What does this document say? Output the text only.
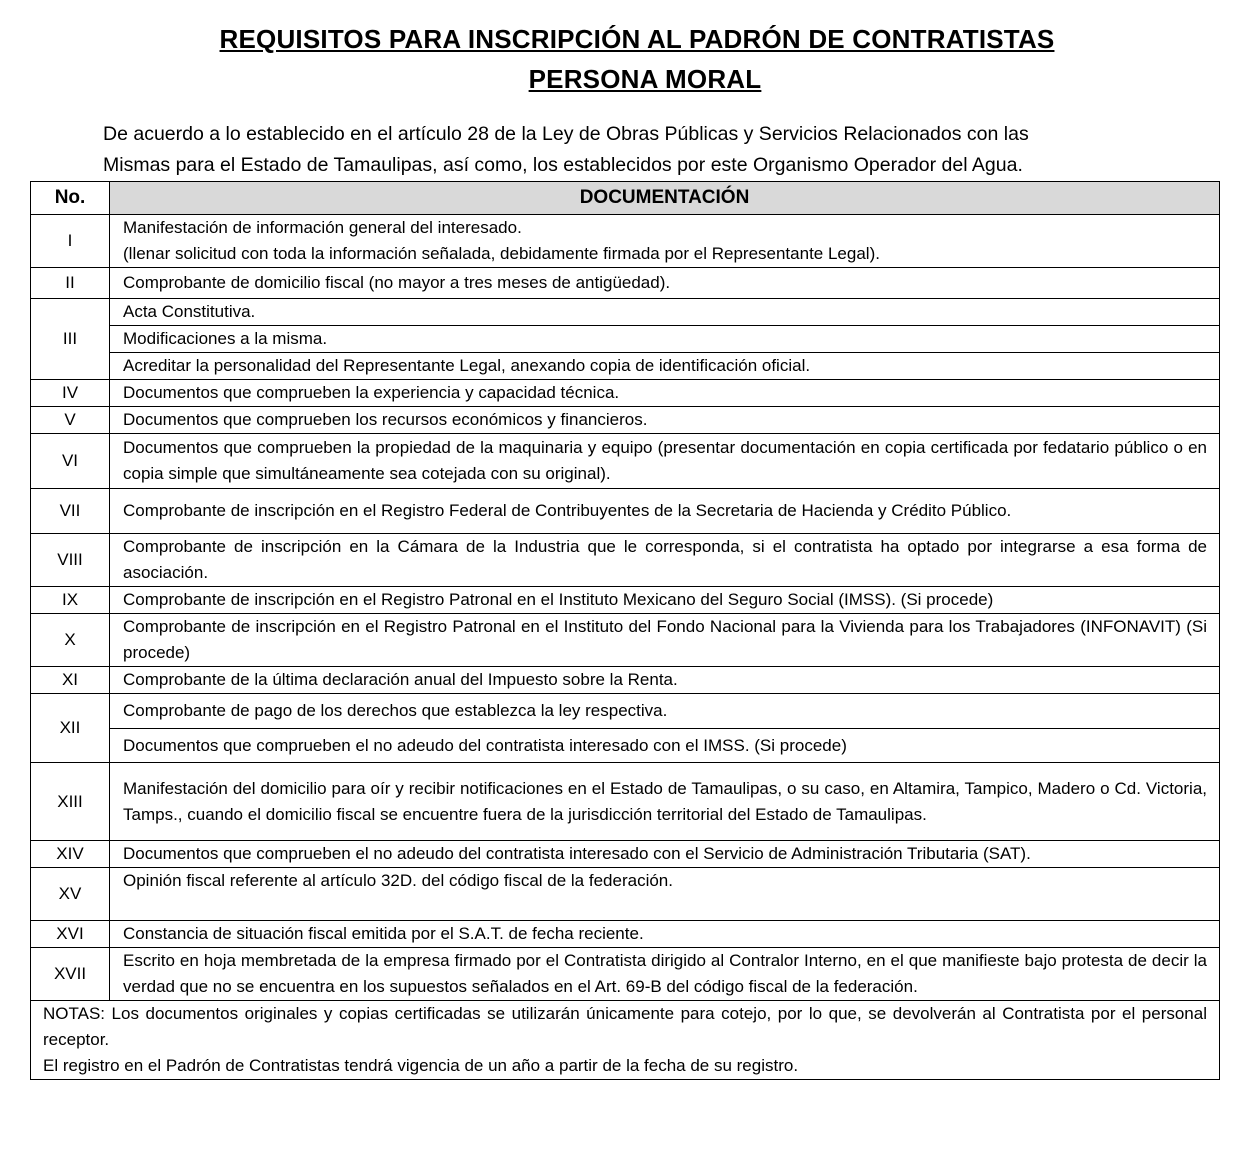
REQUISITOS PARA INSCRIPCIÓN AL PADRÓN DE CONTRATISTAS
PERSONA MORAL
De acuerdo a lo establecido en el artículo 28 de la Ley de Obras Públicas y Servicios Relacionados con las
Mismas para el Estado de Tamaulipas, así como, los establecidos por este Organismo Operador del Agua.
No.	DOCUMENTACIÓN
I	Manifestación de información general del interesado.
(llenar solicitud con toda la información señalada, debidamente firmada por el Representante Legal).

II	Comprobante de domicilio fiscal (no mayor a tres meses de antigüedad).
III	Acta Constitutiva.
	Modificaciones a la misma.
	Acreditar la personalidad del Representante Legal, anexando copia de identificación oficial.
IV	Documentos que comprueben la experiencia y capacidad técnica.
V	Documentos que comprueben los recursos económicos y financieros.
VI	Documentos que comprueben la propiedad de la maquinaria y equipo (presentar documentación en copia certificada por fedatario público o en copia simple que simultáneamente sea cotejada con su original).
VII	Comprobante de inscripción en el Registro Federal de Contribuyentes de la Secretaria de Hacienda y Crédito Público.
VIII	Comprobante de inscripción en la Cámara de la Industria que le corresponda, si el contratista ha optado por integrarse a esa forma de asociación.
IX	Comprobante de inscripción en el Registro Patronal en el Instituto Mexicano del Seguro Social (IMSS). (Si procede)
X	Comprobante de inscripción en el Registro Patronal en el Instituto del Fondo Nacional para la Vivienda para los Trabajadores (INFONAVIT) (Si procede)
XI	Comprobante de la última declaración anual del Impuesto sobre la Renta.
XII	Comprobante de pago de los derechos que establezca la ley respectiva.
	Documentos que comprueben el no adeudo del contratista interesado con el IMSS. (Si procede)
XIII	Manifestación del domicilio para oír y recibir notificaciones en el Estado de Tamaulipas, o su caso, en Altamira, Tampico, Madero o Cd. Victoria, Tamps., cuando el domicilio fiscal se encuentre fuera de la jurisdicción territorial del Estado de Tamaulipas.
XIV	Documentos que comprueben el no adeudo del contratista interesado con el Servicio de Administración Tributaria (SAT).
XV	Opinión fiscal referente al artículo 32D. del código fiscal de la federación.
XVI	Constancia de situación fiscal emitida por el S.A.T. de fecha reciente.
XVII	Escrito en hoja membretada de la empresa firmado por el Contratista dirigido al Contralor Interno, en el que manifieste bajo protesta de decir la verdad que no se encuentra en los supuestos señalados en el Art. 69-B del código fiscal de la federación.

NOTAS: Los documentos originales y copias certificadas se utilizarán únicamente para cotejo, por lo que, se devolverán al Contratista por el personal receptor.
El registro en el Padrón de Contratistas tendrá vigencia de un año a partir de la fecha de su registro.	
